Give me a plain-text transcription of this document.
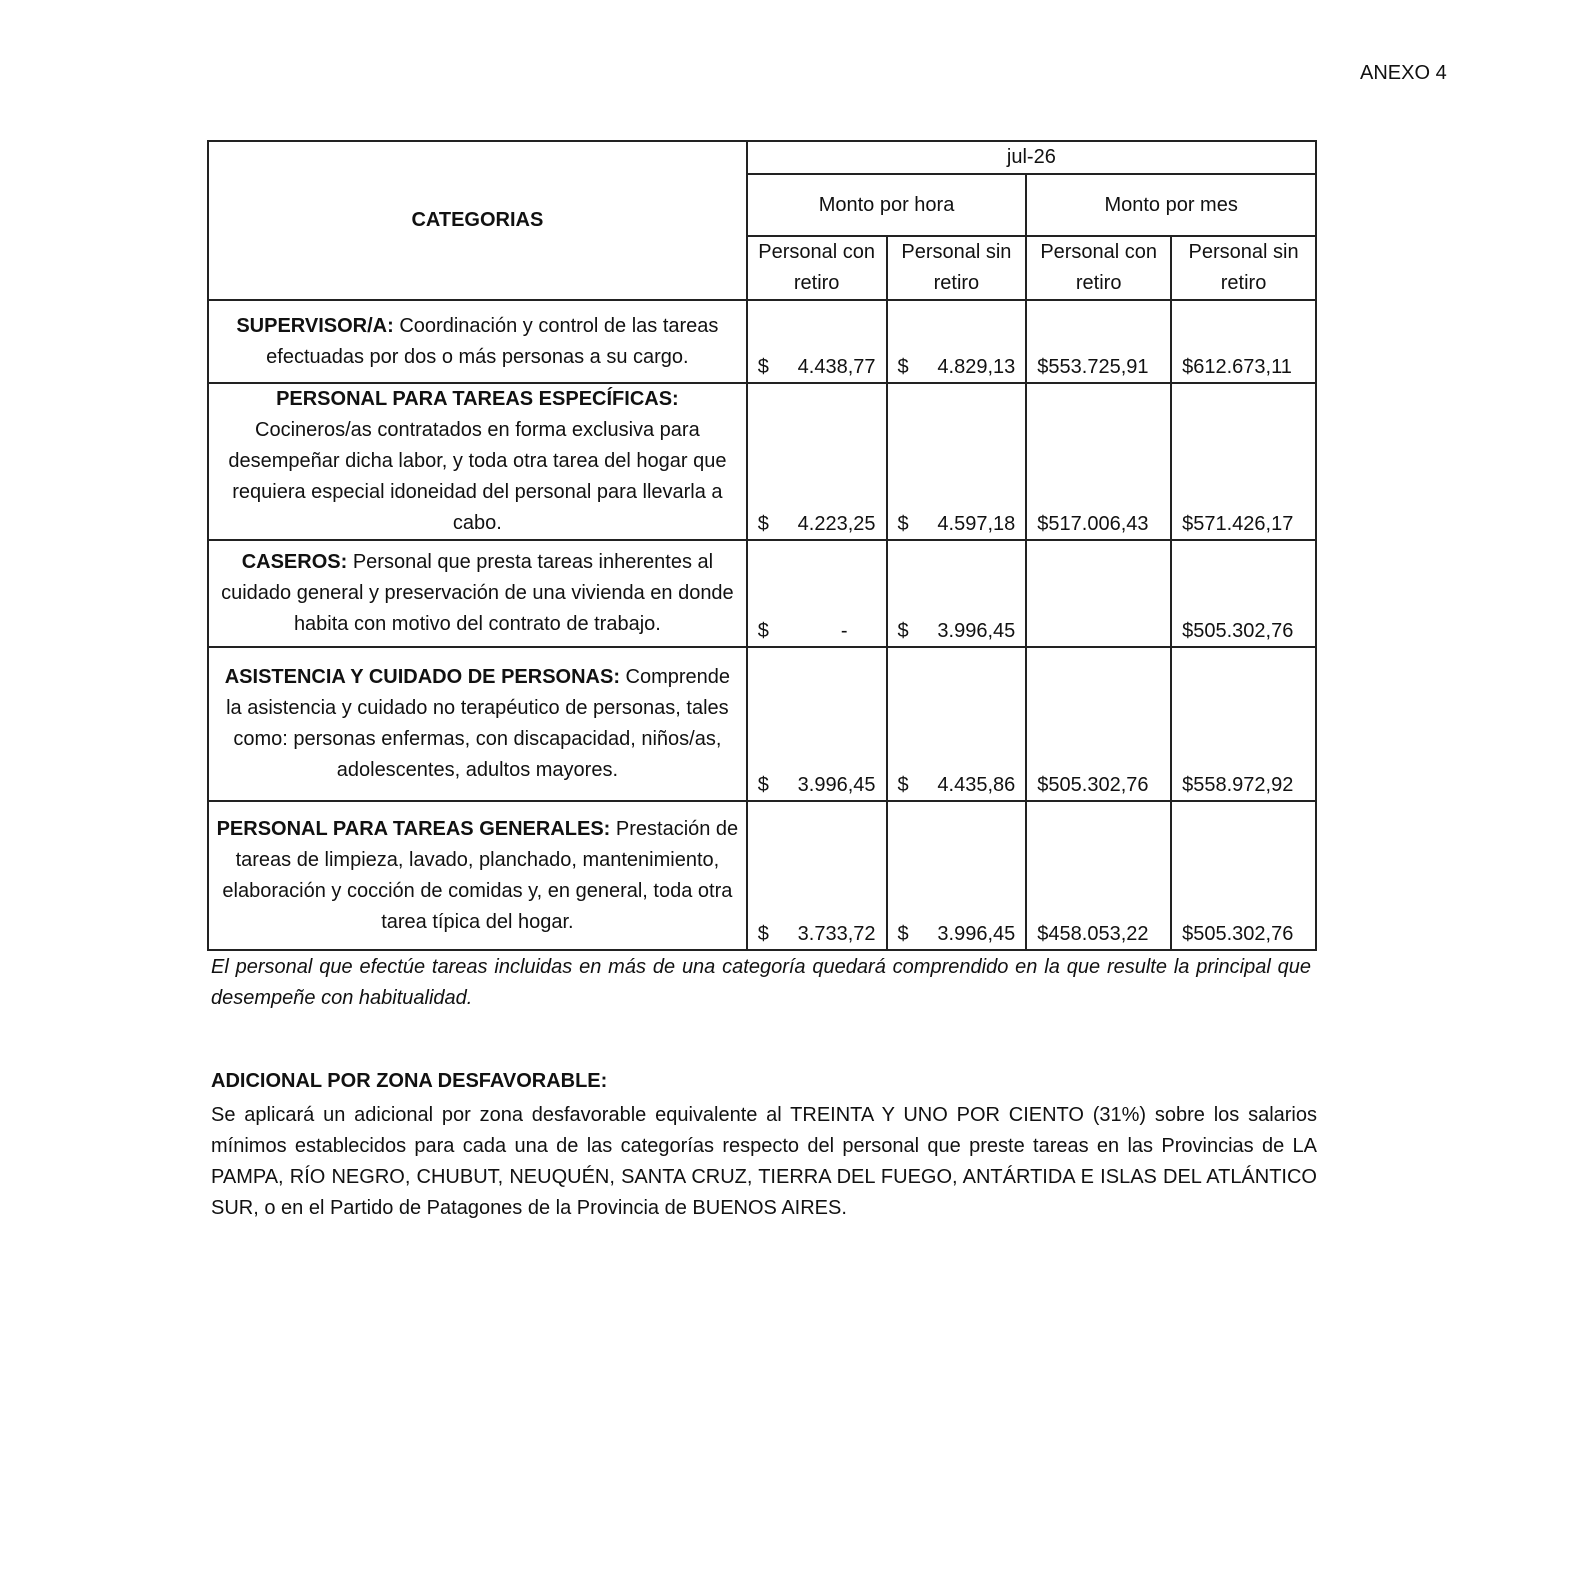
ANEXO 4
CATEGORIAS	jul-26			
	Monto por hora		Monto por mes	
	Personal con retiro	Personal sin retiro	Personal con retiro	Personal sin retiro
SUPERVISOR/A: Coordinación y control de las tareas efectuadas por dos o más personas a su cargo.	$ 4.438,77	$ 4.829,13	$553.725,91	$612.673,11

PERSONAL PARA TAREAS ESPECÍFICAS: Cocineros/as contratados en forma exclusiva para desempeñar dicha labor, y toda otra tarea del hogar que requiera especial idoneidad del personal para llevarla a cabo.	$ 4.223,25	$ 4.597,18	$517.006,43	$571.426,17

CASEROS: Personal que presta tareas inherentes al cuidado general y preservación de una vivienda en donde habita con motivo del contrato de trabajo.	$ -	$ 3.996,45		$505.302,76

ASISTENCIA Y CUIDADO DE PERSONAS: Comprende la asistencia y cuidado no terapéutico de personas, tales como: personas enfermas, con discapacidad, niños/as, adolescentes, adultos mayores.	$ 3.996,45	$ 4.435,86	$505.302,76	$558.972,92

PERSONAL PARA TAREAS GENERALES: Prestación de tareas de limpieza, lavado, planchado, mantenimiento, elaboración y cocción de comidas y, en general, toda otra tarea típica del hogar.	$ 3.733,72	$ 3.996,45	$458.053,22	$505.302,76
El personal que efectúe tareas incluidas en más de una categoría quedará comprendido en la que resulte la principal que desempeñe con habitualidad.
ADICIONAL POR ZONA DESFAVORABLE:
Se aplicará un adicional por zona desfavorable equivalente al TREINTA Y UNO POR CIENTO (31%) sobre los salarios mínimos establecidos para cada una de las categorías respecto del personal que preste tareas en las Provincias de LA PAMPA, RÍO NEGRO, CHUBUT, NEUQUÉN, SANTA CRUZ, TIERRA DEL FUEGO, ANTÁRTIDA E ISLAS DEL ATLÁNTICO SUR, o en el Partido de Patagones de la Provincia de BUENOS AIRES.
